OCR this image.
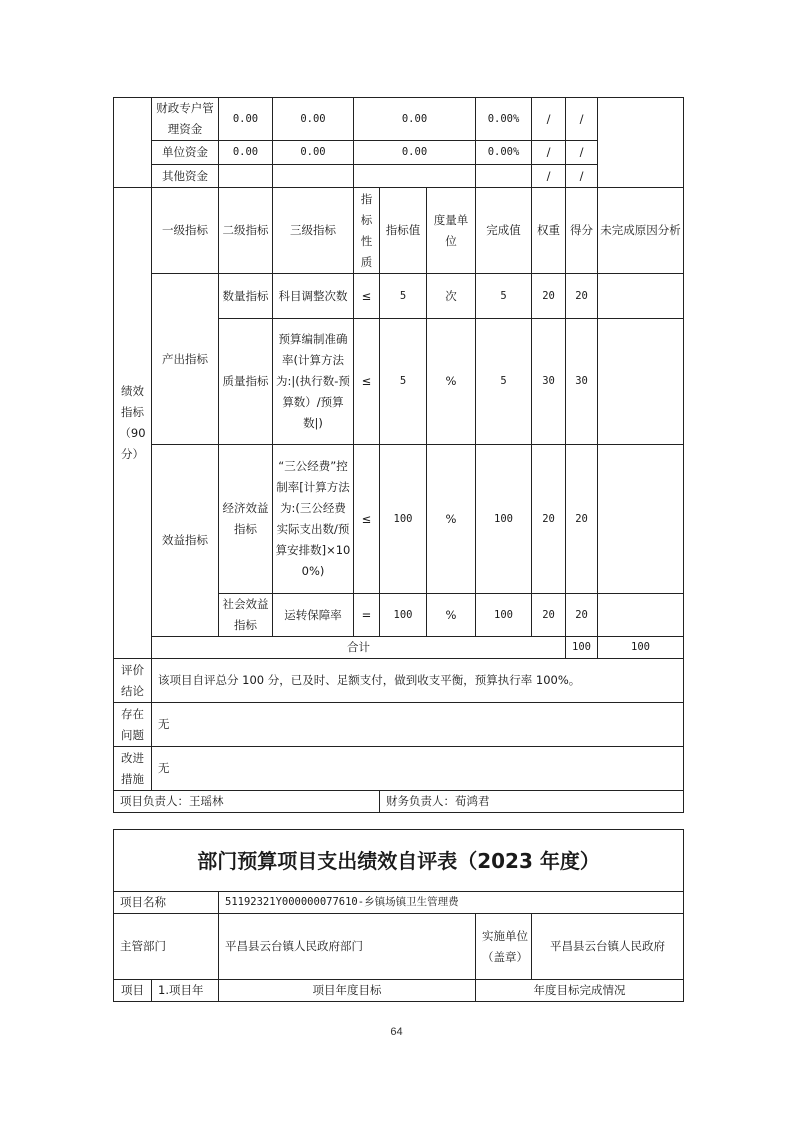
	财政专户管理资金	0.00	0.00	0.00			0.00%	/	/		
	单位资金	0.00	0.00	0.00			0.00%	/	/		
	其他资金							/	/		
绩效指标（90分）	一级指标	二级指标	三级指标	指标性质	指标值	度量单位	完成值	权重	得分	未完成原因分析	
	产出指标	数量指标	科目调整次数	≤	5	次	5	20	20		
		质量指标	预算编制准确率(计算方法为:|(执行数-预算数）/预算数|)	≤	5	%	5	30	30		
	效益指标	经济效益指标	“三公经费”控制率[计算方法为:(三公经费实际支出数/预算安排数]×100%)	≤	100	%	100	20	20		
		社会效益指标	运转保障率	=	100	%	100	20	20		
	合计								100	100	
评价结论	该项目自评总分 100 分，已及时、足额支付，做到收支平衡，预算执行率 100%。										
存在问题	无										
改进措施	无										
项目负责人：王瑶林					财务负责人：荀鸿君						
部门预算项目支出绩效自评表（2023 年度）				
项目名称		51192321Y000000077610-乡镇场镇卫生管理费		
主管部门		平昌县云台镇人民政府部门	实施单位（盖章）	平昌县云台镇人民政府
项目	1.项目年	项目年度目标	年度目标完成情况	
64
